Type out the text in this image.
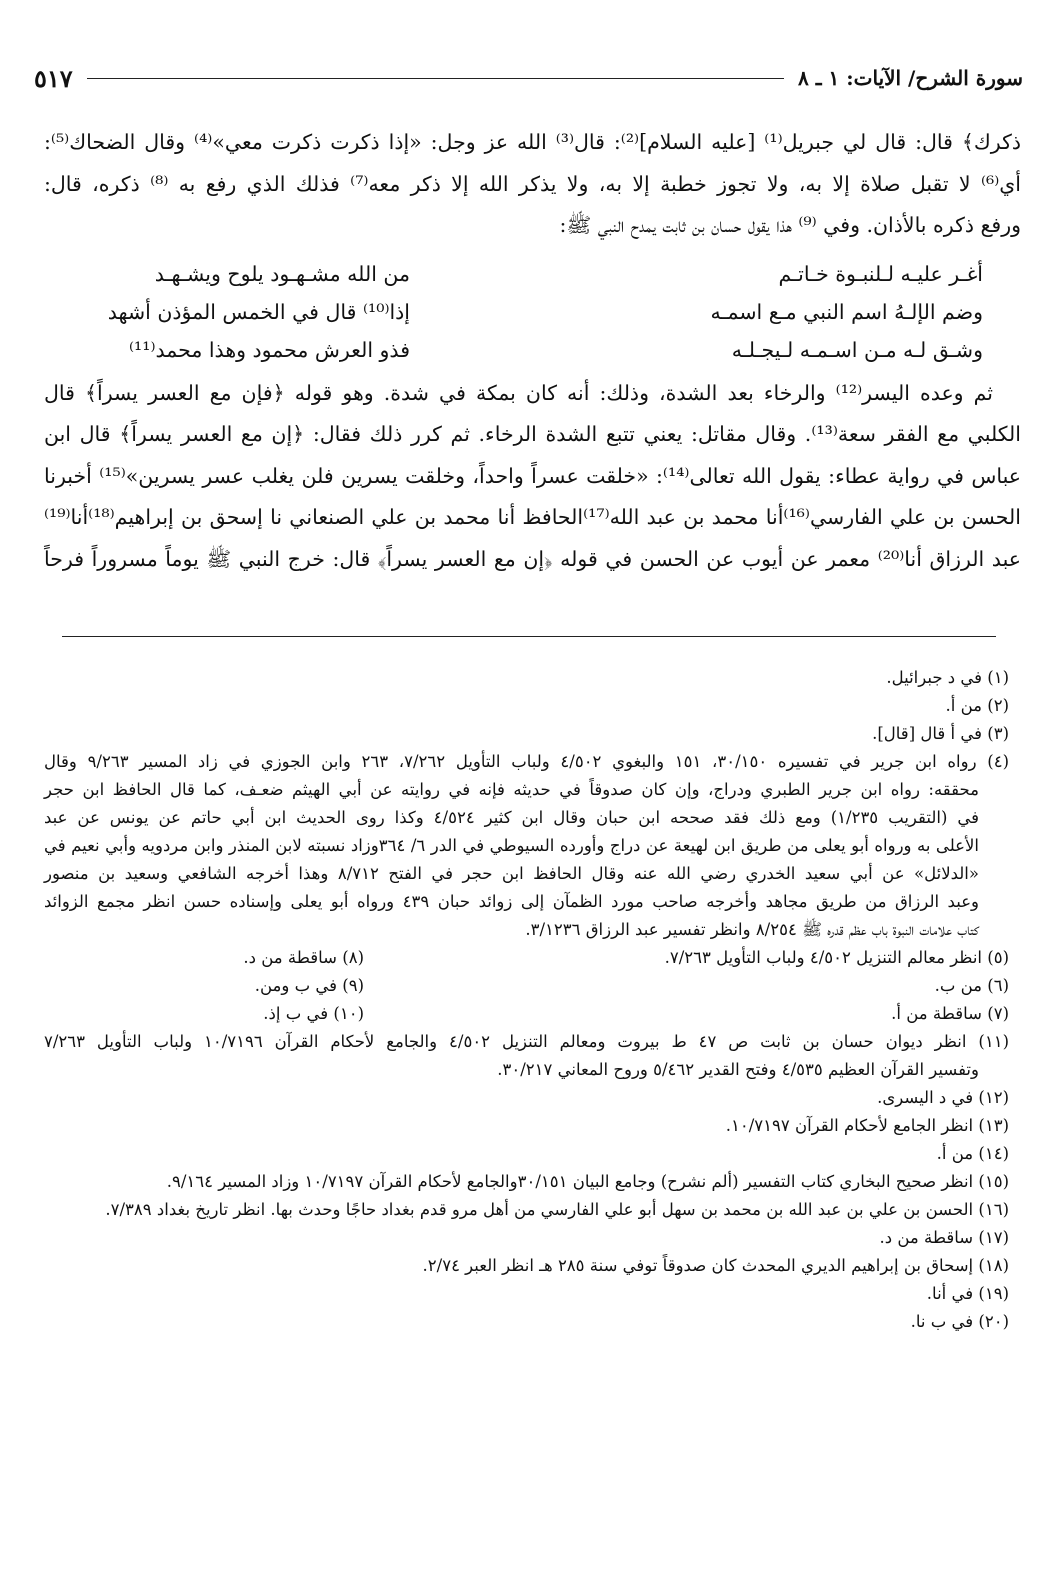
سورة الشرح/ الآيات: ١ ـ ٨
٥١٧

ذكرك﴾ قال: قال لي جبريل⁽¹⁾ [عليه السلام]⁽²⁾: قال⁽³⁾ الله عز وجل: «إذا ذكرت ذكرت معي»⁽⁴⁾ وقال الضحاك⁽⁵⁾:

أي⁽⁶⁾ لا تقبل صلاة إلا به، ولا تجوز خطبة إلا به، ولا يذكر الله إلا ذكر معه⁽⁷⁾ فذلك الذي رفع به ⁽⁸⁾ ذكره، قال:

ورفع ذكره بالأذان. وفي ⁽⁹⁾ هذا يقول حسان بن ثابت يمدح النبي ﷺ:

أغـر عليـه لـلنبـوة خـاتـم
من الله مشـهـود يلوح ويشـهـد
وضم الإلـهُ اسم النبي مـع اسمـه
إذا⁽¹⁰⁾ قال في الخمس المؤذن أشهد
وشـق لـه مـن اسـمـه لـيجـلـه
فذو العرش محمود وهذا محمد⁽¹¹⁾

ثم وعده اليسر⁽¹²⁾ والرخاء بعد الشدة، وذلك: أنه كان بمكة في شدة. وهو قوله ﴿فإن مع العسر يسراً﴾ قال

الكلبي مع الفقر سعة⁽¹³⁾. وقال مقاتل: يعني تتبع الشدة الرخاء. ثم كرر ذلك فقال: ﴿إن مع العسر يسراً﴾ قال ابن

عباس في رواية عطاء: يقول الله تعالى⁽¹⁴⁾: «خلقت عسراً واحداً، وخلقت يسرين فلن يغلب عسر يسرين»⁽¹⁵⁾ أخبرنا

الحسن بن علي الفارسي⁽¹⁶⁾أنا محمد بن عبد الله⁽¹⁷⁾الحافظ أنا محمد بن علي الصنعاني نا إسحق بن إبراهيم⁽¹⁸⁾أنا⁽¹⁹⁾

عبد الرزاق أنا⁽²⁰⁾ معمر عن أيوب عن الحسن في قوله ﴿إن مع العسر يسراً﴾ قال: خرج النبي ﷺ يوماً مسروراً فرحاً

(١) في د جبرائيل.

(٢) من أ.

(٣) في أ قال [قال].

(٤) رواه ابن جرير في تفسيره ٣٠/١٥٠، ١٥١ والبغوي ٤/٥٠٢ ولباب التأويل ٧/٢٦٢، ٢٦٣ وابن الجوزي في زاد المسير ٩/٢٦٣ وقال
محققه: رواه ابن جرير الطبري ودراج، وإن كان صدوقاً في حديثه فإنه في روايته عن أبي الهيثم ضعـف، كما قال الحافظ ابن حجر
في (التقريب ١/٢٣٥) ومع ذلك فقد صححه ابن حبان وقال ابن كثير ٤/٥٢٤ وكذا روى الحديث ابن أبي حاتم عن يونس عن عبد
الأعلى به ورواه أبو يعلى من طريق ابن لهيعة عن دراج وأورده السيوطي في الدر ٦/ ٣٦٤وزاد نسبته لابن المنذر وابن مردويه وأبي نعيم في
«الدلائل» عن أبي سعيد الخدري رضي الله عنه وقال الحافظ ابن حجر في الفتح ٨/٧١٢ وهذا أخرجه الشافعي وسعيد بن منصور
وعبد الرزاق من طريق مجاهد وأخرجه صاحب مورد الظمآن إلى زوائد حبان ٤٣٩ ورواه أبو يعلى وإسناده حسن انظر مجمع الزوائد
كتاب علامات النبوة باب عظم قدره ﷺ ٨/٢٥٤ وانظر تفسير عبد الرزاق ٣/١٢٣٦.

(٥) انظر معالم التنزيل ٤/٥٠٢ ولباب التأويل ٧/٢٦٣.

(٦) من ب.

(٧) ساقطة من أ.

(٨) ساقطة من د.

(٩) في ب ومن.

(١٠) في ب إذ.

(١١) انظر ديوان حسان بن ثابت ص ٤٧ ط بيروت ومعالم التنزيل ٤/٥٠٢ والجامع لأحكام القرآن ١٠/٧١٩٦ ولباب التأويل ٧/٢٦٣
وتفسير القرآن العظيم ٤/٥٣٥ وفتح القدير ٥/٤٦٢ وروح المعاني ٣٠/٢١٧.

(١٢) في د اليسرى.

(١٣) انظر الجامع لأحكام القرآن ١٠/٧١٩٧.

(١٤) من أ.

(١٥) انظر صحيح البخاري كتاب التفسير (ألم نشرح) وجامع البيان ٣٠/١٥١والجامع لأحكام القرآن ١٠/٧١٩٧ وزاد المسير ٩/١٦٤.

(١٦) الحسن بن علي بن عبد الله بن محمد بن سهل أبو علي الفارسي من أهل مرو قدم بغداد حاجًا وحدث بها. انظر تاريخ بغداد ٧/٣٨٩.

(١٧) ساقطة من د.

(١٨) إسحاق بن إبراهيم الديري المحدث كان صدوقاً توفي سنة ٢٨٥ هـ انظر العبر ٢/٧٤.

(١٩) في أنا.

(٢٠) في ب نا.
